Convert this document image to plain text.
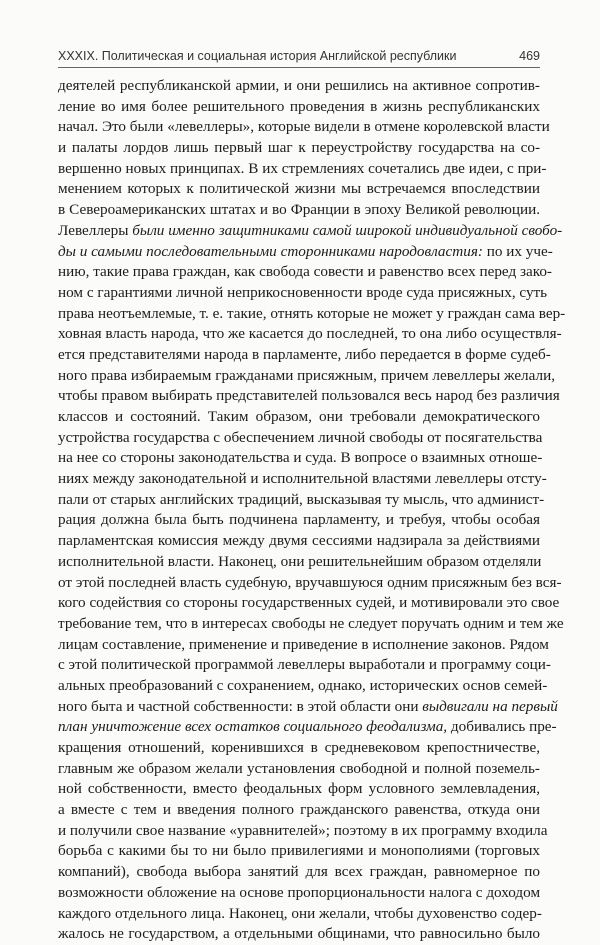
XXXIX. Политическая и социальная история Английской республики	469
деятелей республиканской армии, и они решились на активное сопротив-
ление во имя более решительного проведения в жизнь республиканских
начал. Это были «левеллеры», которые видели в отмене королевской власти
и палаты лордов лишь первый шаг к переустройству государства на со-
вершенно новых принципах. В их стремлениях сочетались две идеи, с при-
менением которых к политической жизни мы встречаемся впоследствии
в Североамериканских штатах и во Франции в эпоху Великой революции.
Левеллеры были именно защитниками самой широкой индивидуальной свобо-
ды и самыми последовательными сторонниками народовластия: по их уче-
нию, такие права граждан, как свобода совести и равенство всех перед зако-
ном с гарантиями личной неприкосновенности вроде суда присяжных, суть
права неотъемлемые, т. е. такие, отнять которые не может у граждан сама вер-
ховная власть народа, что же касается до последней, то она либо осуществля-
ется представителями народа в парламенте, либо передается в форме судеб-
ного права избираемым гражданами присяжным, причем левеллеры желали,
чтобы правом выбирать представителей пользовался весь народ без различия
классов и состояний. Таким образом, они требовали демократического
устройства государства с обеспечением личной свободы от посягательства
на нее со стороны законодательства и суда. В вопросе о взаимных отноше-
ниях между законодательной и исполнительной властями левеллеры отсту-
пали от старых английских традиций, высказывая ту мысль, что админист-
рация должна была быть подчинена парламенту, и требуя, чтобы особая
парламентская комиссия между двумя сессиями надзирала за действиями
исполнительной власти. Наконец, они решительнейшим образом отделяли
от этой последней власть судебную, вручавшуюся одним присяжным без вся-
кого содействия со стороны государственных судей, и мотивировали это свое
требование тем, что в интересах свободы не следует поручать одним и тем же
лицам составление, применение и приведение в исполнение законов. Рядом
с этой политической программой левеллеры выработали и программу соци-
альных преобразований с сохранением, однако, исторических основ семей-
ного быта и частной собственности: в этой области они выдвигали на первый
план уничтожение всех остатков социального феодализма, добивались пре-
кращения отношений, коренившихся в средневековом крепостничестве,
главным же образом желали установления свободной и полной поземель-
ной собственности, вместо феодальных форм условного землевладения,
а вместе с тем и введения полного гражданского равенства, откуда они
и получили свое название «уравнителей»; поэтому в их программу входила
борьба с какими бы то ни было привилегиями и монополиями (торговых
компаний), свобода выбора занятий для всех граждан, равномерное по
возможности обложение на основе пропорциональности налога с доходом
каждого отдельного лица. Наконец, они желали, чтобы духовенство содер-
жалось не государством, а отдельными общинами, что равносильно было
